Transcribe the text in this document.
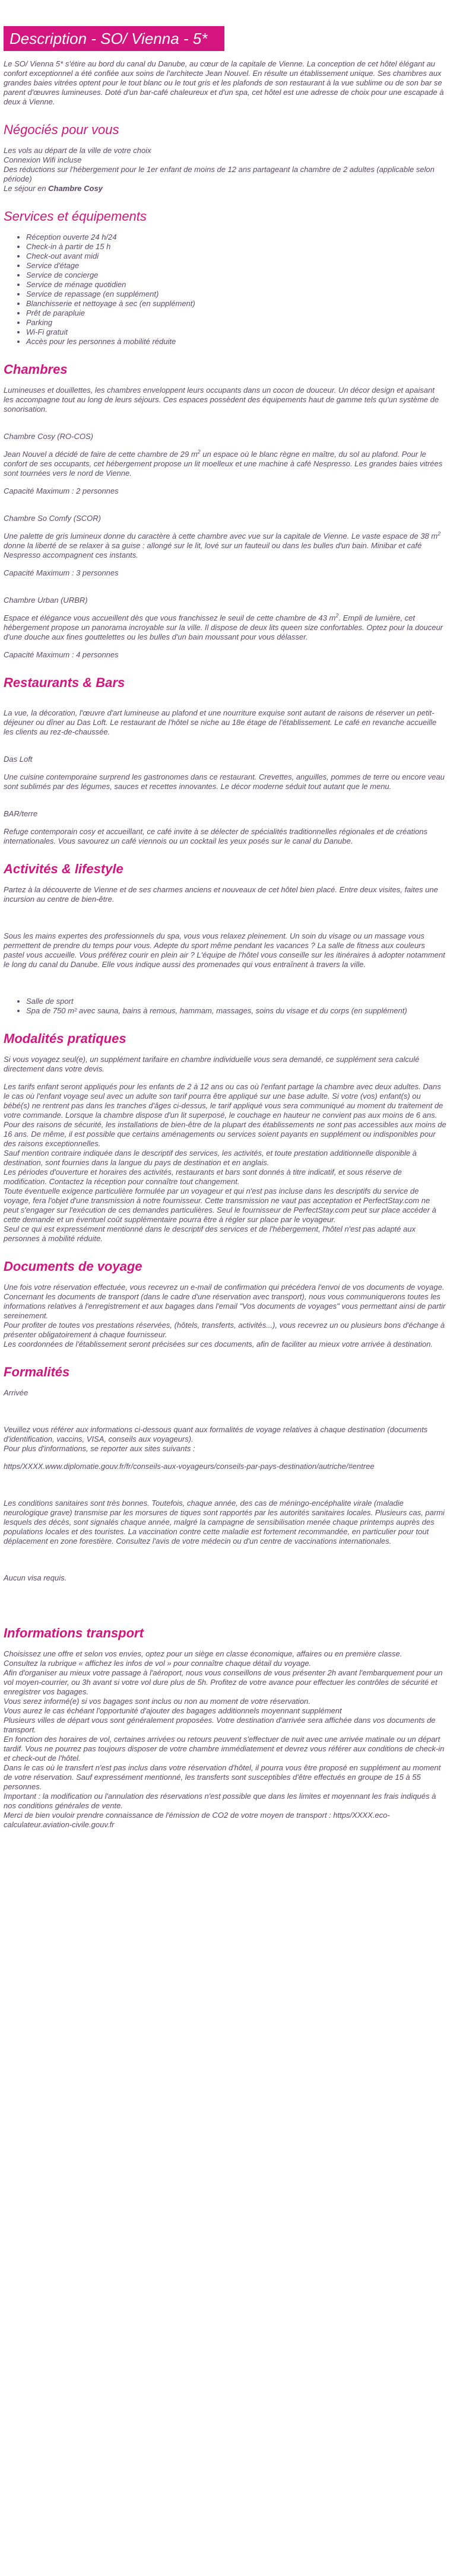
Description - SO/ Vienna - 5*

Le SO/ Vienna 5* s'étire au bord du canal du Danube, au cœur de la capitale de Vienne. La conception de cet hôtel élégant au confort exceptionnel a été confiée aux soins de l'architecte Jean Nouvel. En résulte un établissement unique. Ses chambres aux grandes baies vitrées optent pour le tout blanc ou le tout gris et les plafonds de son restaurant à la vue sublime ou de son bar se parent d'œuvres lumineuses. Doté d'un bar-café chaleureux et d'un spa, cet hôtel est une adresse de choix pour une escapade à deux à Vienne.

Négociés pour vous
Les vols au départ de la ville de votre choix
Connexion Wifi incluse
Des réductions sur l'hébergement pour le 1er enfant de moins de 12 ans partageant la chambre de 2 adultes (applicable selon période)
Le séjour en Chambre Cosy
Services et équipements
• Réception ouverte 24 h/24
• Check-in à partir de 15 h
• Check-out avant midi
• Service d'étage
• Service de concierge
• Service de ménage quotidien
• Service de repassage (en supplément)
• Blanchisserie et nettoyage à sec (en supplément)
• Prêt de parapluie
• Parking
• Wi-Fi gratuit
• Accès pour les personnes à mobilité réduite
Chambres

Lumineuses et douillettes, les chambres enveloppent leurs occupants dans un cocon de douceur. Un décor design et apaisant les accompagne tout au long de leurs séjours. Ces espaces possèdent des équipements haut de gamme tels qu'un système de sonorisation.

Chambre Cosy (RO-COS)

Jean Nouvel a décidé de faire de cette chambre de 29 $m^2$ un espace où le blanc règne en maître, du sol au plafond. Pour le confort de ses occupants, cet hébergement propose un lit moelleux et une machine à café Nespresso. Les grandes baies vitrées sont tournées vers le nord de Vienne.

Capacité Maximum : 2 personnes

Chambre So Comfy (SCOR)

Une palette de gris lumineux donne du caractère à cette chambre avec vue sur la capitale de Vienne. Le vaste espace de 38 $m^2$ donne la liberté de se relaxer à sa guise : allongé sur le lit, lové sur un fauteuil ou dans les bulles d'un bain. Minibar et café Nespresso accompagnent ces instants.

Capacité Maximum : 3 personnes

Chambre Urban (URBR)

Espace et élégance vous accueillent dès que vous franchissez le seuil de cette chambre de 43 $m^2$. Empli de lumière, cet hébergement propose un panorama incroyable sur la ville. Il dispose de deux lits queen size confortables. Optez pour la douceur d'une douche aux fines gouttelettes ou les bulles d'un bain moussant pour vous délasser.

Capacité Maximum : 4 personnes

Restaurants & Bars

La vue, la décoration, l'œuvre d'art lumineuse au plafond et une nourriture exquise sont autant de raisons de réserver un petit-déjeuner ou dîner au Das Loft. Le restaurant de l'hôtel se niche au 18e étage de l'établissement. Le café en revanche accueille les clients au rez-de-chaussée.

Das Loft

Une cuisine contemporaine surprend les gastronomes dans ce restaurant. Crevettes, anguilles, pommes de terre ou encore veau sont sublimés par des légumes, sauces et recettes innovantes. Le décor moderne séduit tout autant que le menu.

BAR/terre

Refuge contemporain cosy et accueillant, ce café invite à se délecter de spécialités traditionnelles régionales et de créations internationales. Vous savourez un café viennois ou un cocktail les yeux posés sur le canal du Danube.

Activités & lifestyle

Partez à la découverte de Vienne et de ses charmes anciens et nouveaux de cet hôtel bien placé. Entre deux visites, faites une incursion au centre de bien-être.

Sous les mains expertes des professionnels du spa, vous vous relaxez pleinement. Un soin du visage ou un massage vous permettent de prendre du temps pour vous. Adepte du sport même pendant les vacances ? La salle de fitness aux couleurs pastel vous accueille. Vous préférez courir en plein air ? L'équipe de l'hôtel vous conseille sur les itinéraires à adopter notamment le long du canal du Danube. Elle vous indique aussi des promenades qui vous entraînent à travers la ville.

• Salle de sport
• Spa de 750 m² avec sauna, bains à remous, hammam, massages, soins du visage et du corps (en supplément)
Modalités pratiques

Si vous voyagez seul(e), un supplément tarifaire en chambre individuelle vous sera demandé, ce supplément sera calculé directement dans votre devis.

Les tarifs enfant seront appliqués pour les enfants de 2 à 12 ans ou cas où l'enfant partage la chambre avec deux adultes. Dans le cas où l'enfant voyage seul avec un adulte son tarif pourra être appliqué sur une base adulte. Si votre (vos) enfant(s) ou bébé(s) ne rentrent pas dans les tranches d'âges ci-dessus, le tarif appliqué vous sera communiqué au moment du traitement de votre commande. Lorsque la chambre dispose d'un lit superposé, le couchage en hauteur ne convient pas aux moins de 6 ans.
Pour des raisons de sécurité, les installations de bien-être de la plupart des établissements ne sont pas accessibles aux moins de 16 ans. De même, il est possible que certains aménagements ou services soient payants en supplément ou indisponibles pour des raisons exceptionnelles.
Sauf mention contraire indiquée dans le descriptif des services, les activités, et toute prestation additionnelle disponible à destination, sont fournies dans la langue du pays de destination et en anglais.
Les périodes d'ouverture et horaires des activités, restaurants et bars sont donnés à titre indicatif, et sous réserve de modification. Contactez la réception pour connaître tout changement.
Toute éventuelle exigence particulière formulée par un voyageur et qui n'est pas incluse dans les descriptifs du service de voyage, fera l'objet d'une transmission à notre fournisseur. Cette transmission ne vaut pas acceptation et PerfectStay.com ne peut s'engager sur l'exécution de ces demandes particulières. Seul le fournisseur de PerfectStay.com peut sur place accéder à cette demande et un éventuel coût supplémentaire pourra être à régler sur place par le voyageur.
Seul ce qui est expressément mentionné dans le descriptif des services et de l'hébergement, l'hôtel n'est pas adapté aux personnes à mobilité réduite.
Documents de voyage
Une fois votre réservation effectuée, vous recevrez un e-mail de confirmation qui précédera l'envoi de vos documents de voyage.
Concernant les documents de transport (dans le cadre d'une réservation avec transport), nous vous communiquerons toutes les informations relatives à l'enregistrement et aux bagages dans l'email "Vos documents de voyages" vous permettant ainsi de partir sereinement.
Pour profiter de toutes vos prestations réservées, (hôtels, transferts, activités...), vous recevrez un ou plusieurs bons d'échange à présenter obligatoirement à chaque fournisseur.
Les coordonnées de l'établissement seront précisées sur ces documents, afin de faciliter au mieux votre arrivée à destination.
Formalités

Arrivée

Veuillez vous référer aux informations ci-dessous quant aux formalités de voyage relatives à chaque destination (documents d'identification, vaccins, VISA, conseils aux voyageurs).
Pour plus d'informations, se reporter aux sites suivants :

https/XXXX.www.diplomatie.gouv.fr/fr/conseils-aux-voyageurs/conseils-par-pays-destination/autriche/#entree

Les conditions sanitaires sont très bonnes. Toutefois, chaque année, des cas de méningo-encéphalite virale (maladie neurologique grave) transmise par les morsures de tiques sont rapportés par les autorités sanitaires locales. Plusieurs cas, parmi lesquels des décès, sont signalés chaque année, malgré la campagne de sensibilisation menée chaque printemps auprès des populations locales et des touristes. La vaccination contre cette maladie est fortement recommandée, en particulier pour tout déplacement en zone forestière. Consultez l'avis de votre médecin ou d'un centre de vaccinations internationales.

Aucun visa requis.

Informations transport
Choisissez une offre et selon vos envies, optez pour un siège en classe économique, affaires ou en première classe.
Consultez la rubrique « affichez les infos de vol » pour connaître chaque détail du voyage.
Afin d'organiser au mieux votre passage à l'aéroport, nous vous conseillons de vous présenter 2h avant l'embarquement pour un vol moyen-courrier, ou 3h avant si votre vol dure plus de 5h. Profitez de votre avance pour effectuer les contrôles de sécurité et enregistrer vos bagages.
Vous serez informé(e) si vos bagages sont inclus ou non au moment de votre réservation.
Vous aurez le cas échéant l'opportunité d'ajouter des bagages additionnels moyennant supplément
Plusieurs villes de départ vous sont généralement proposées. Votre destination d'arrivée sera affichée dans vos documents de transport.
En fonction des horaires de vol, certaines arrivées ou retours peuvent s'effectuer de nuit avec une arrivée matinale ou un départ tardif. Vous ne pourrez pas toujours disposer de votre chambre immédiatement et devrez vous référer aux conditions de check-in et check-out de l'hôtel.
Dans le cas où le transfert n'est pas inclus dans votre réservation d'hôtel, il pourra vous être proposé en supplément au moment de votre réservation. Sauf expressément mentionné, les transferts sont susceptibles d'être effectués en groupe de 15 à 55 personnes.
Important : la modification ou l'annulation des réservations n'est possible que dans les limites et moyennant les frais indiqués à nos conditions générales de vente.
Merci de bien vouloir prendre connaissance de l'émission de CO2 de votre moyen de transport : https/XXXX.eco-calculateur.aviation-civile.gouv.fr
